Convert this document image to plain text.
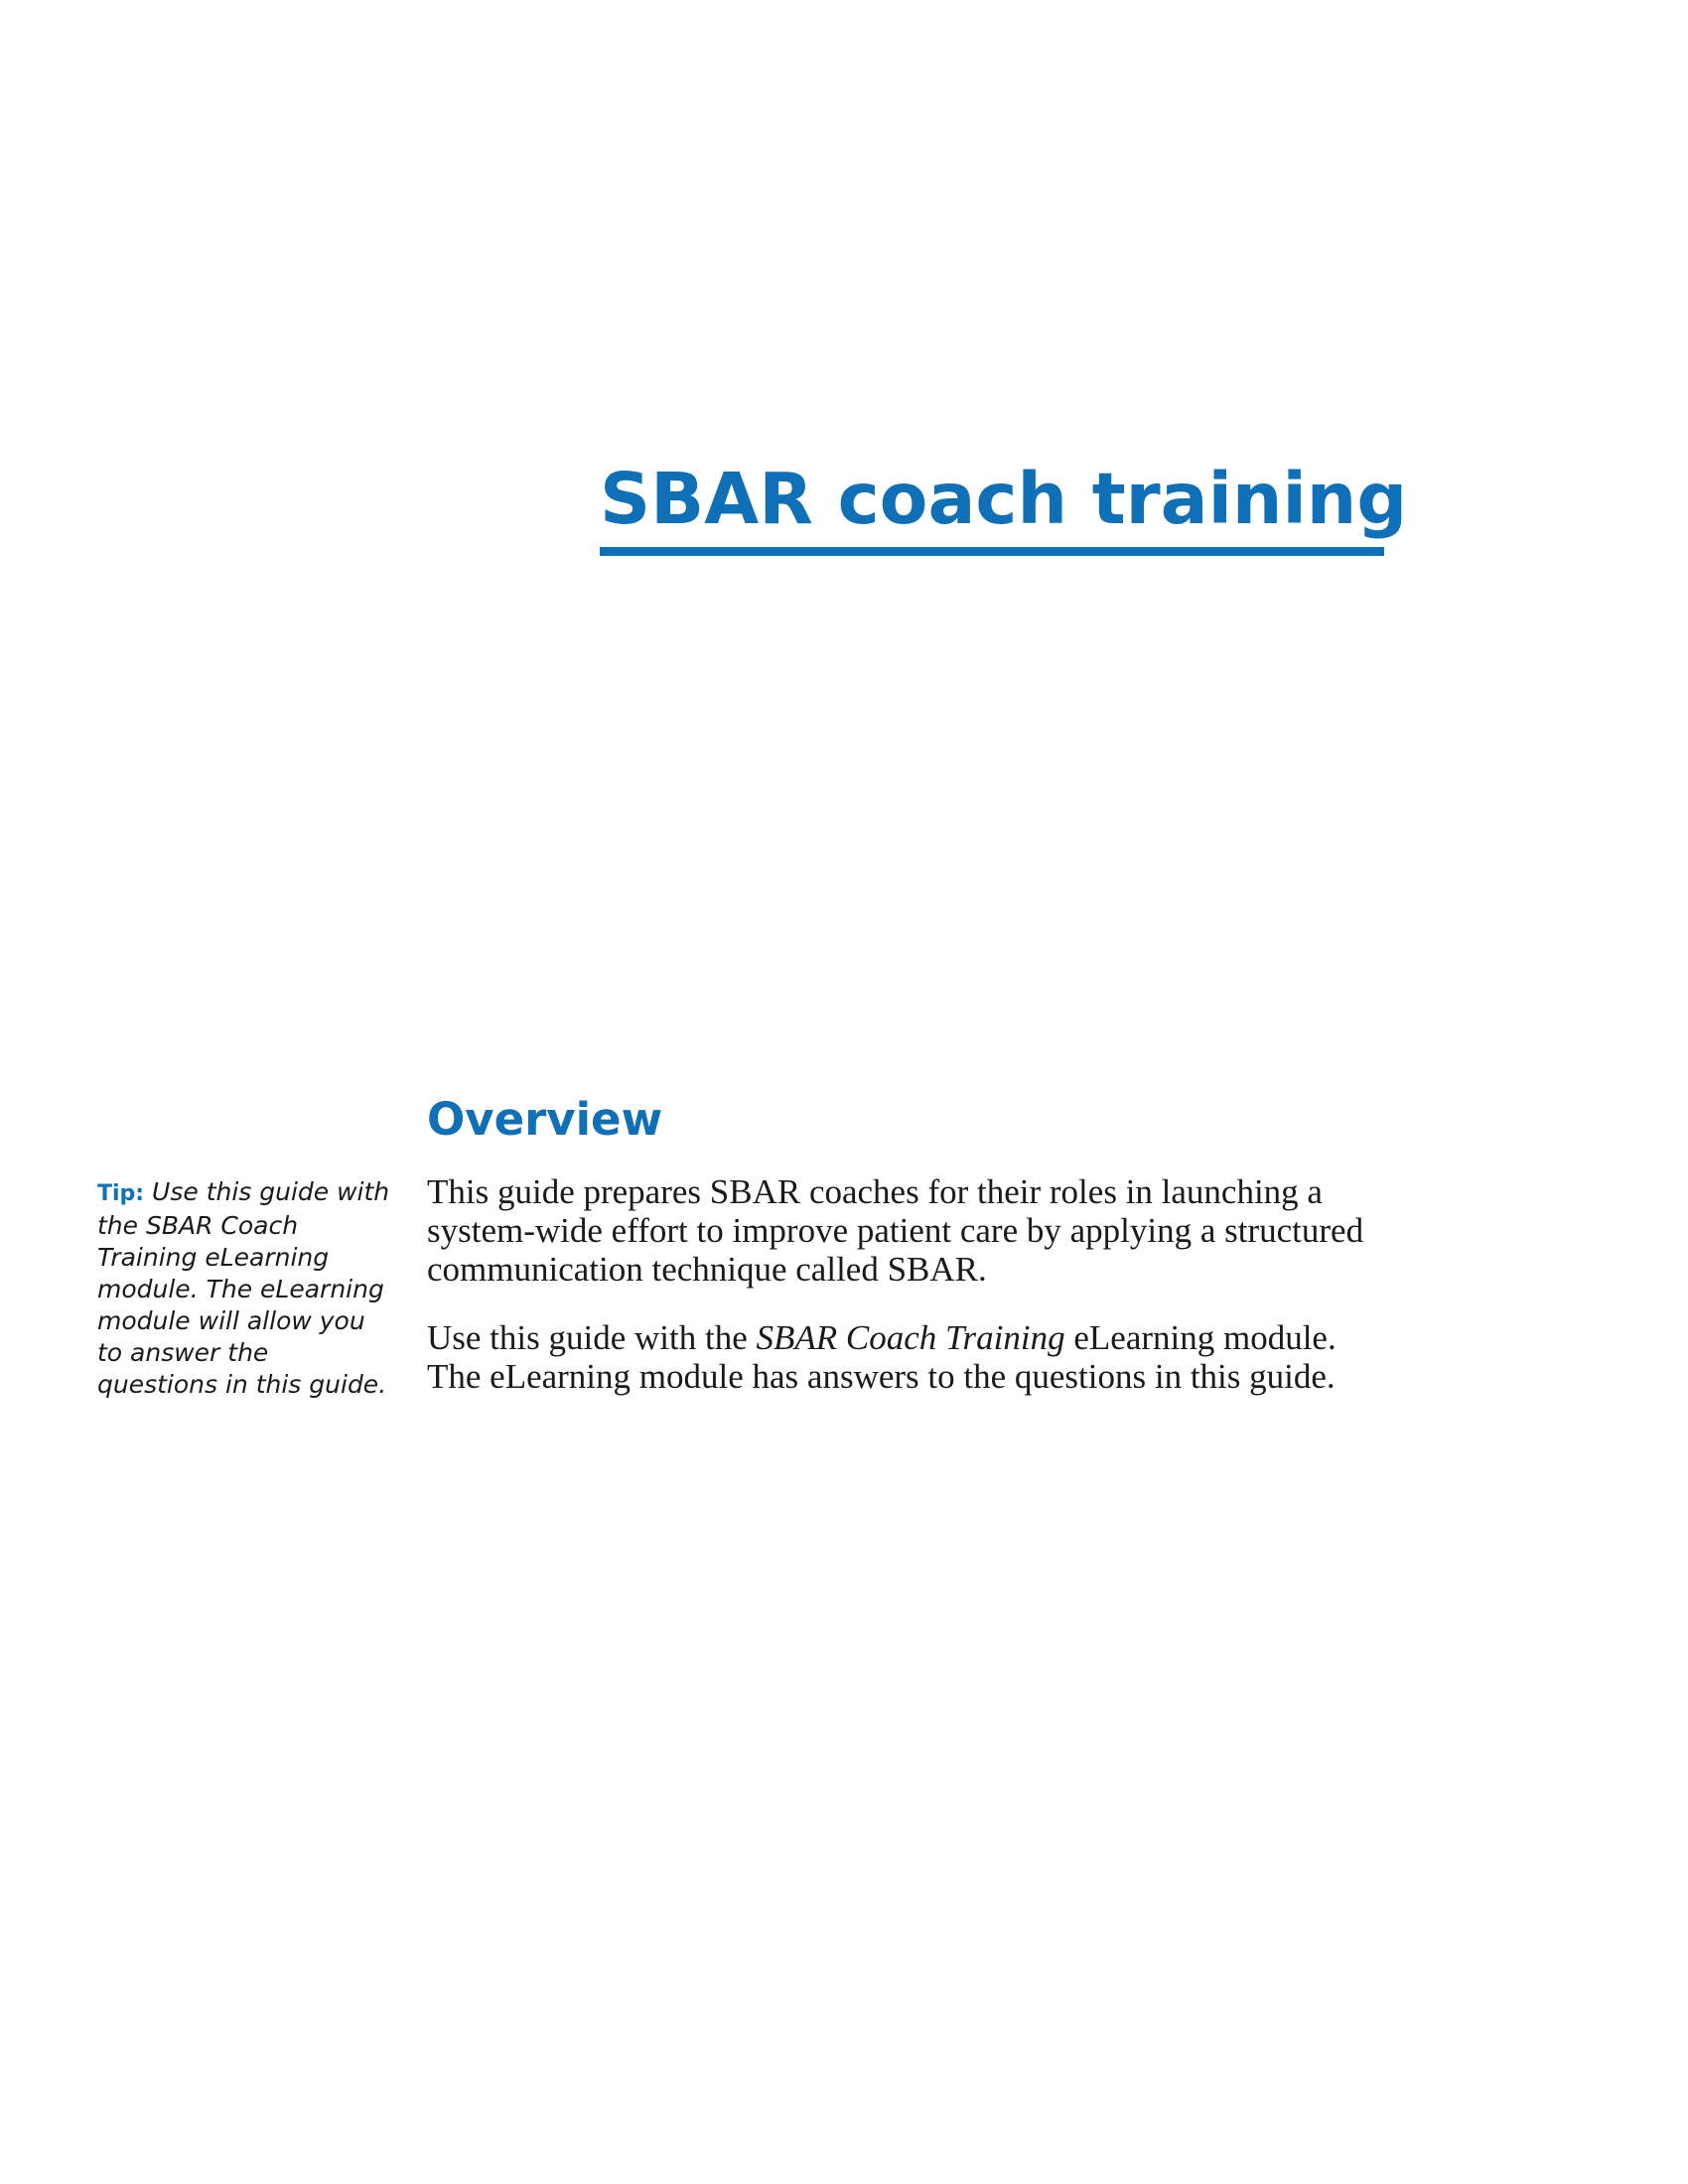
SBAR coach training
Tip: Use this guide with the SBAR Coach Training eLearning module. The eLearning module will allow you to answer the questions in this guide.
Overview

This guide prepares SBAR coaches for their roles in launching a system-wide effort to improve patient care by applying a structured communication technique called SBAR.

Use this guide with the SBAR Coach Training eLearning module. The eLearning module has answers to the questions in this guide.
